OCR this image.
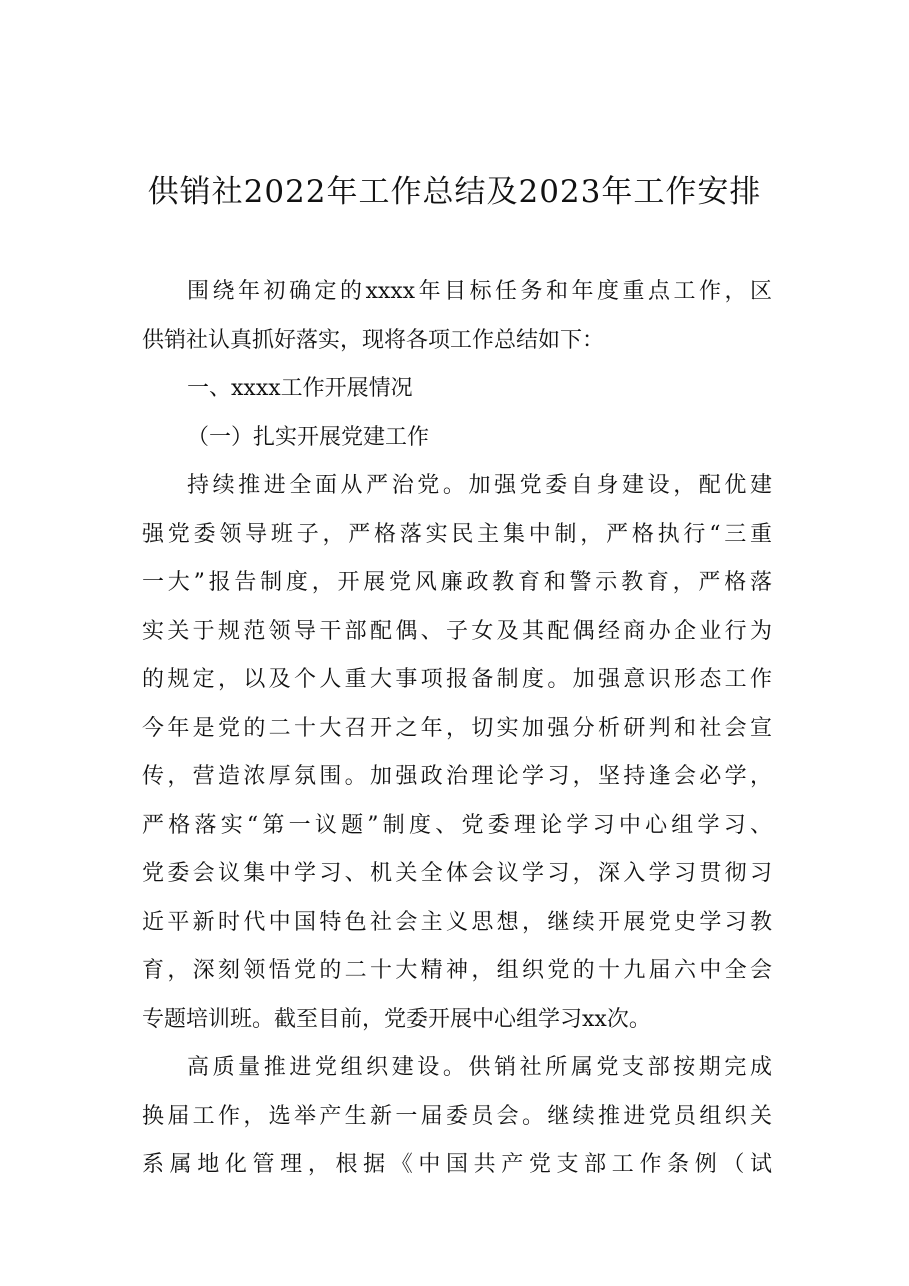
供销社2022年工作总结及2023年工作安排
围绕年初确定的xxxx年目标任务和年度重点工作，区
供销社认真抓好落实，现将各项工作总结如下：
一、xxxx工作开展情况
（一）扎实开展党建工作
持续推进全面从严治党。加强党委自身建设，配优建
强党委领导班子，严格落实民主集中制，严格执行“三重
一大”报告制度，开展党风廉政教育和警示教育，严格落
实关于规范领导干部配偶、子女及其配偶经商办企业行为
的规定，以及个人重大事项报备制度。加强意识形态工作
今年是党的二十大召开之年，切实加强分析研判和社会宣
传，营造浓厚氛围。加强政治理论学习，坚持逢会必学，
严格落实“第一议题”制度、党委理论学习中心组学习、
党委会议集中学习、机关全体会议学习，深入学习贯彻习
近平新时代中国特色社会主义思想，继续开展党史学习教
育，深刻领悟党的二十大精神，组织党的十九届六中全会
专题培训班。截至目前，党委开展中心组学习xx次。
高质量推进党组织建设。供销社所属党支部按期完成
换届工作，选举产生新一届委员会。继续推进党员组织关
系属地化管理，根据《中国共产党支部工作条例（试
